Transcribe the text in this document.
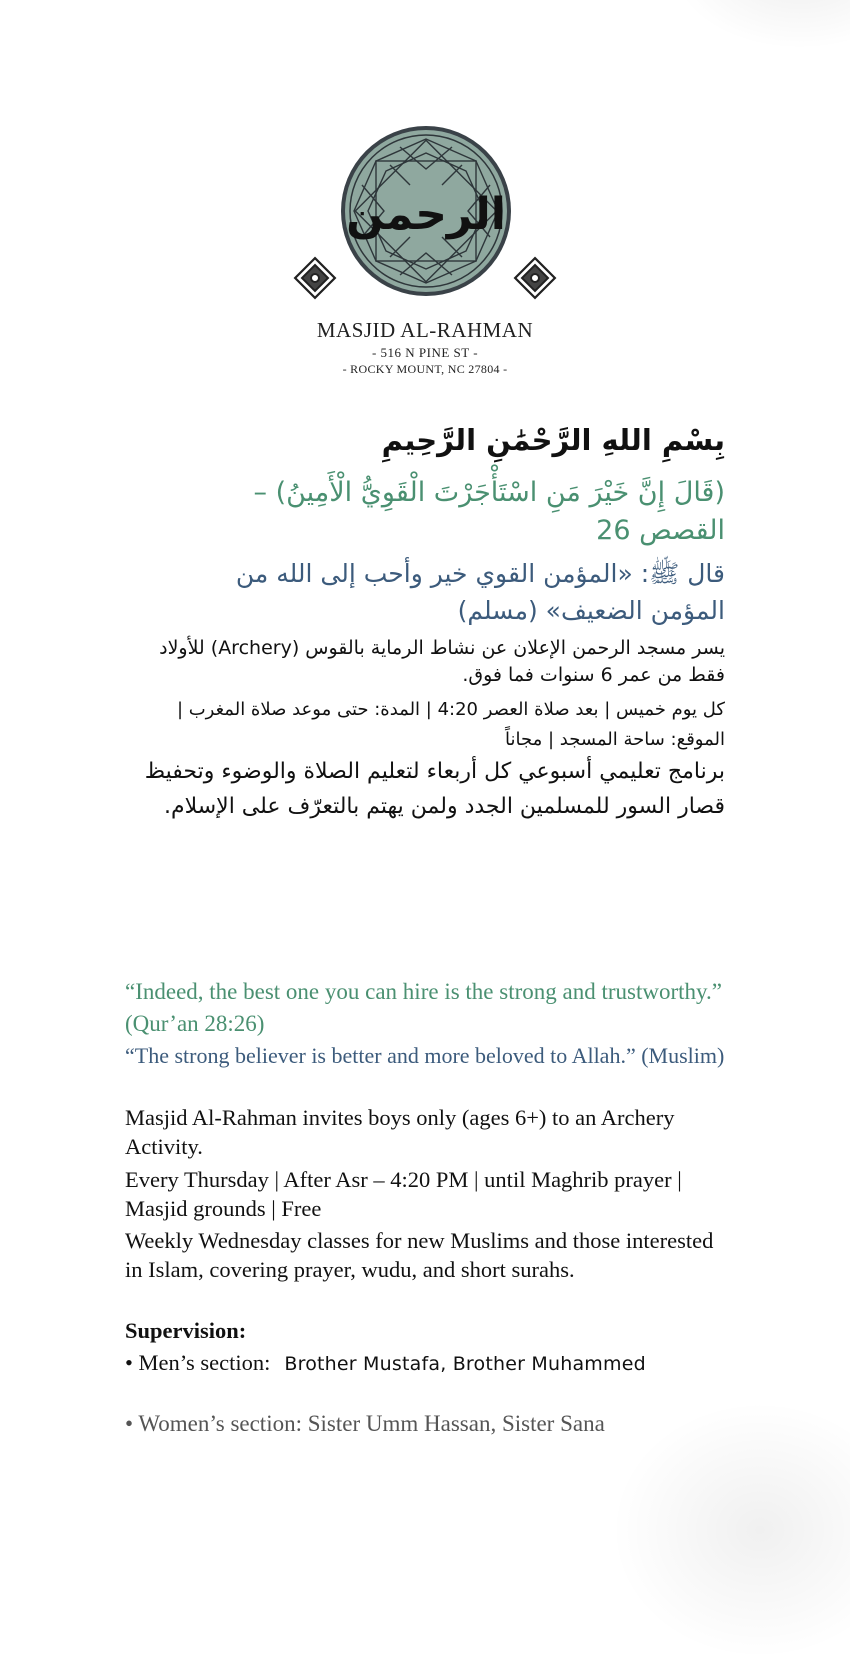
الرحمن
MASJID AL-RAHMAN
- 516 N PINE ST -
- ROCKY MOUNT, NC 27804 -
بِسْمِ اللهِ الرَّحْمَٰنِ الرَّحِيمِ
(قَالَ إِنَّ خَيْرَ مَنِ اسْتَأْجَرْتَ الْقَوِيُّ الْأَمِينُ) – القصص 26
قال ﷺ: «المؤمن القوي خير وأحب إلى الله من المؤمن الضعيف» (مسلم)
يسر مسجد الرحمن الإعلان عن نشاط الرماية بالقوس (Archery) للأولاد فقط من عمر 6 سنوات فما فوق.
كل يوم خميس | بعد صلاة العصر 4:20 | المدة: حتى موعد صلاة المغرب | الموقع: ساحة المسجد | مجاناً
برنامج تعليمي أسبوعي كل أربعاء لتعليم الصلاة والوضوء وتحفيظ قصار السور للمسلمين الجدد ولمن يهتم بالتعرّف على الإسلام.
“Indeed, the best one you can hire is the strong and trustworthy.” (Qur’an 28:26)
“The strong believer is better and more beloved to Allah.” (Muslim)
Masjid Al-Rahman invites boys only (ages 6+) to an Archery Activity.
Every Thursday | After Asr – 4:20 PM | until Maghrib prayer | Masjid grounds | Free
Weekly Wednesday classes for new Muslims and those interested in Islam, covering prayer, wudu, and short surahs.
Supervision:
• Men’s section: Brother Mustafa, Brother Muhammed
• Women’s section: Sister Umm Hassan, Sister Sana
